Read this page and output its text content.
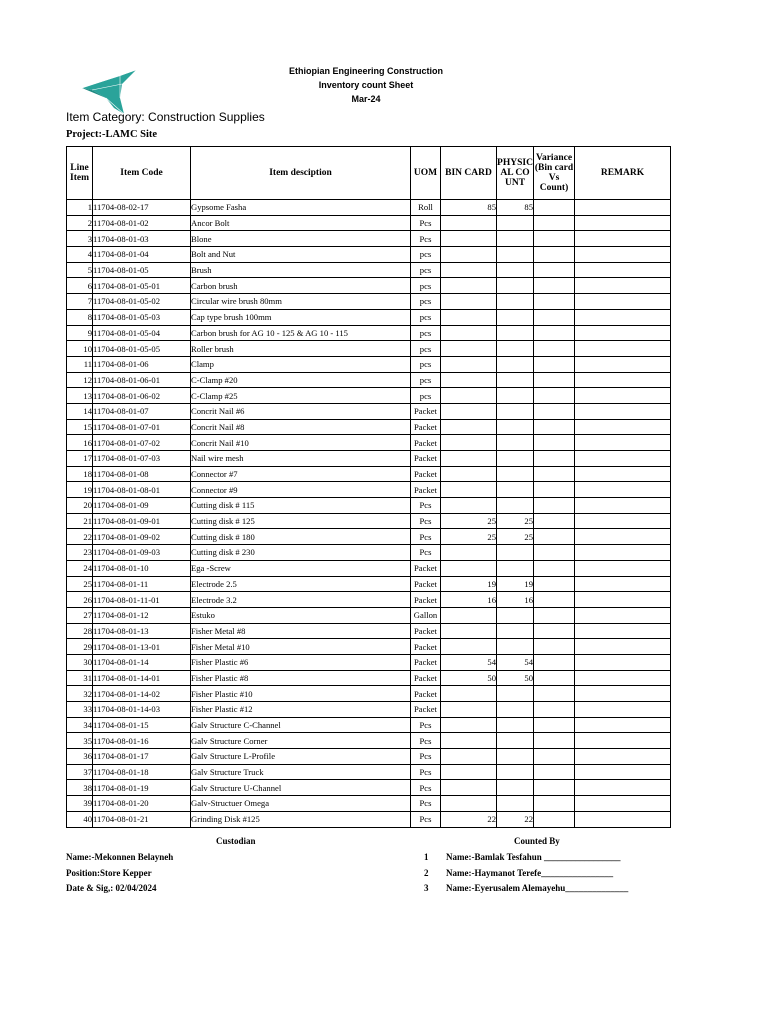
Ethiopian Engineering Construction
Inventory count Sheet
Mar-24
Item Category: Construction Supplies
Project:-LAMC Site
Line Item	Item Code	Item desciption	UOM	BIN CARD	PHYSICAL COUNT	Variance (Bin card Vs Count)	REMARK
1	11704-08-02-17	Gypsome Fasha	Roll	85	85		
2	11704-08-01-02	Ancor Bolt	Pcs				
3	11704-08-01-03	Blone	Pcs				
4	11704-08-01-04	Bolt and Nut	pcs				
5	11704-08-01-05	Brush	pcs				
6	11704-08-01-05-01	Carbon brush	pcs				
7	11704-08-01-05-02	Circular wire brush 80mm	pcs				
8	11704-08-01-05-03	Cap type brush 100mm	pcs				
9	11704-08-01-05-04	Carbon brush for AG 10 - 125 & AG 10 - 115	pcs				
10	11704-08-01-05-05	Roller brush	pcs				
11	11704-08-01-06	Clamp	pcs				
12	11704-08-01-06-01	C-Clamp #20	pcs				
13	11704-08-01-06-02	C-Clamp #25	pcs				
14	11704-08-01-07	Concrit Nail #6	Packet				
15	11704-08-01-07-01	Concrit Nail #8	Packet				
16	11704-08-01-07-02	Concrit Nail #10	Packet				
17	11704-08-01-07-03	Nail wire mesh	Packet				
18	11704-08-01-08	Connector #7	Packet				
19	11704-08-01-08-01	Connector #9	Packet				
20	11704-08-01-09	Cutting disk # 115	Pcs				
21	11704-08-01-09-01	Cutting disk # 125	Pcs	25	25		
22	11704-08-01-09-02	Cutting disk # 180	Pcs	25	25		
23	11704-08-01-09-03	Cutting disk # 230	Pcs				
24	11704-08-01-10	Ega -Screw	Packet				
25	11704-08-01-11	Electrode 2.5	Packet	19	19		
26	11704-08-01-11-01	Electrode 3.2	Packet	16	16		
27	11704-08-01-12	Estuko	Gallon				
28	11704-08-01-13	Fisher Metal #8	Packet				
29	11704-08-01-13-01	Fisher Metal #10	Packet				
30	11704-08-01-14	Fisher Plastic #6	Packet	54	54		
31	11704-08-01-14-01	Fisher Plastic #8	Packet	50	50		
32	11704-08-01-14-02	Fisher Plastic #10	Packet				
33	11704-08-01-14-03	Fisher Plastic #12	Packet				
34	11704-08-01-15	Galv Structure C-Channel	Pcs				
35	11704-08-01-16	Galv Structure Corner	Pcs				
36	11704-08-01-17	Galv Structure L-Profile	Pcs				
37	11704-08-01-18	Galv Structure Truck	Pcs				
38	11704-08-01-19	Galv Structure U-Channel	Pcs				
39	11704-08-01-20	Galv-Structuer Omega	Pcs				
40	11704-08-01-21	Grinding Disk #125	Pcs	22	22		
Custodian	Counted By
Name:-Mekonnen Belayneh
Position:Store Kepper
Date & Sig,: 02/04/2024
1 Name:-Bamlak Tesfahun _________________
2 Name:-Haymanot Terefe________________
3 Name:-Eyerusalem Alemayehu______________
